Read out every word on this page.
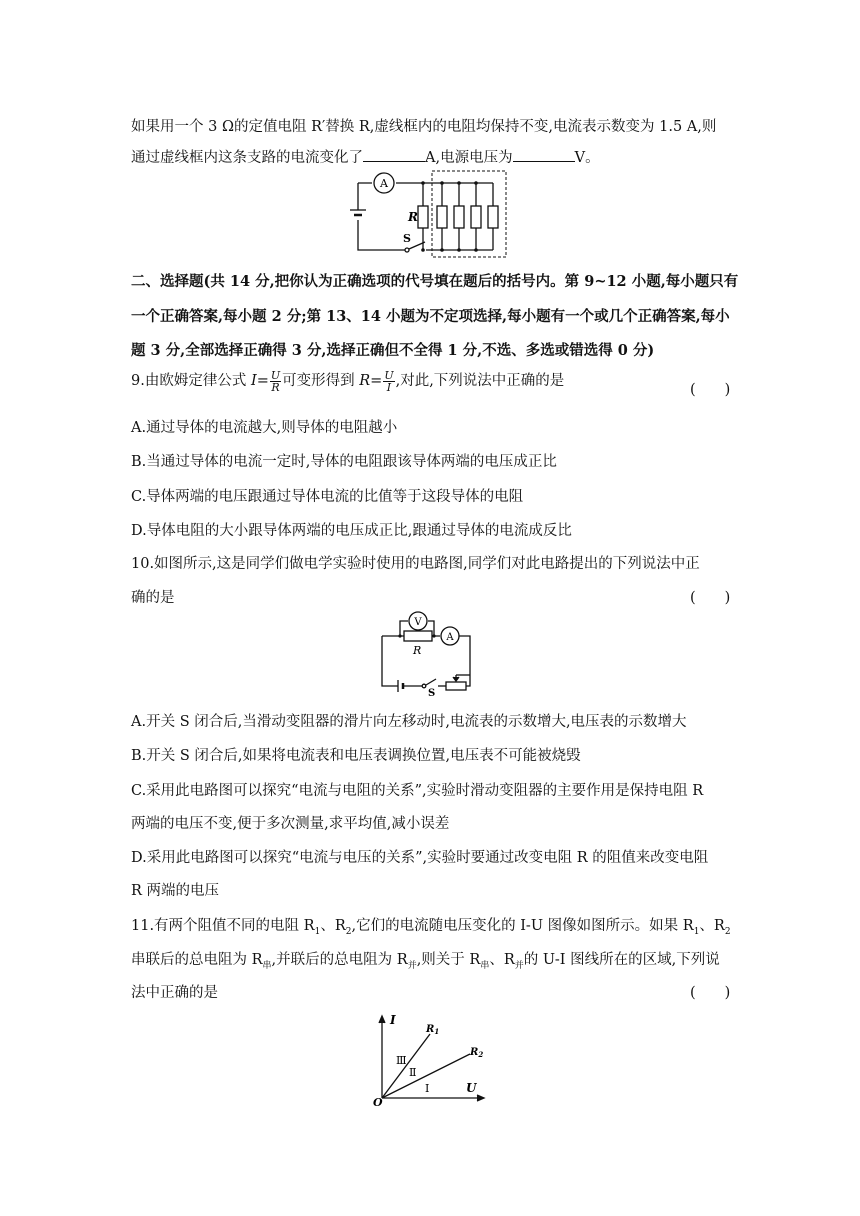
如果用一个 3 Ω的定值电阻 R′替换 R,虚线框内的电阻均保持不变,电流表示数变为 1.5 A,则
通过虚线框内这条支路的电流变化了	A,电源电压为	V。
A
R
S
二、选择题(共 14 分,把你认为正确选项的代号填在题后的括号内。第 9~12 小题,每小题只有
一个正确答案,每小题 2 分;第 13、14 小题为不定项选择,每小题有一个或几个正确答案,每小
题 3 分,全部选择正确得 3 分,选择正确但不全得 1 分,不选、多选或错选得 0 分)
9.由欧姆定律公式 $I= \frac{U}{R}$ 可变形得到 $R= \frac{U}{I}$ ,对此,下列说法中正确的是
(　　)
A.通过导体的电流越大,则导体的电阻越小
B.当通过导体的电流一定时,导体的电阻跟该导体两端的电压成正比
C.导体两端的电压跟通过导体电流的比值等于这段导体的电阻
D.导体电阻的大小跟导体两端的电压成正比,跟通过导体的电流成反比
10.如图所示,这是同学们做电学实验时使用的电路图,同学们对此电路提出的下列说法中正
确的是	(　　)
V
A
R
S
A.开关 S 闭合后,当滑动变阻器的滑片向左移动时,电流表的示数增大,电压表的示数增大
B.开关 S 闭合后,如果将电流表和电压表调换位置,电压表不可能被烧毁
C.采用此电路图可以探究“电流与电阻的关系”,实验时滑动变阻器的主要作用是保持电阻 R
两端的电压不变,便于多次测量,求平均值,减小误差
D.采用此电路图可以探究“电流与电压的关系”,实验时要通过改变电阻 R 的阻值来改变电阻
R 两端的电压
11.有两个阻值不同的电阻 $R_1$、$R_2$,它们的电流随电压变化的 I-U 图像如图所示。如果 $R_1$、$R_2$
串联后的总电阻为 $R_串$,并联后的总电阻为 $R_并$,则关于 $R_串$、$R_并$的 U-I 图线所在的区域,下列说
法中正确的是	(　　)
I
U
O
$R_1$
$R_2$
Ⅲ
Ⅱ
Ⅰ
